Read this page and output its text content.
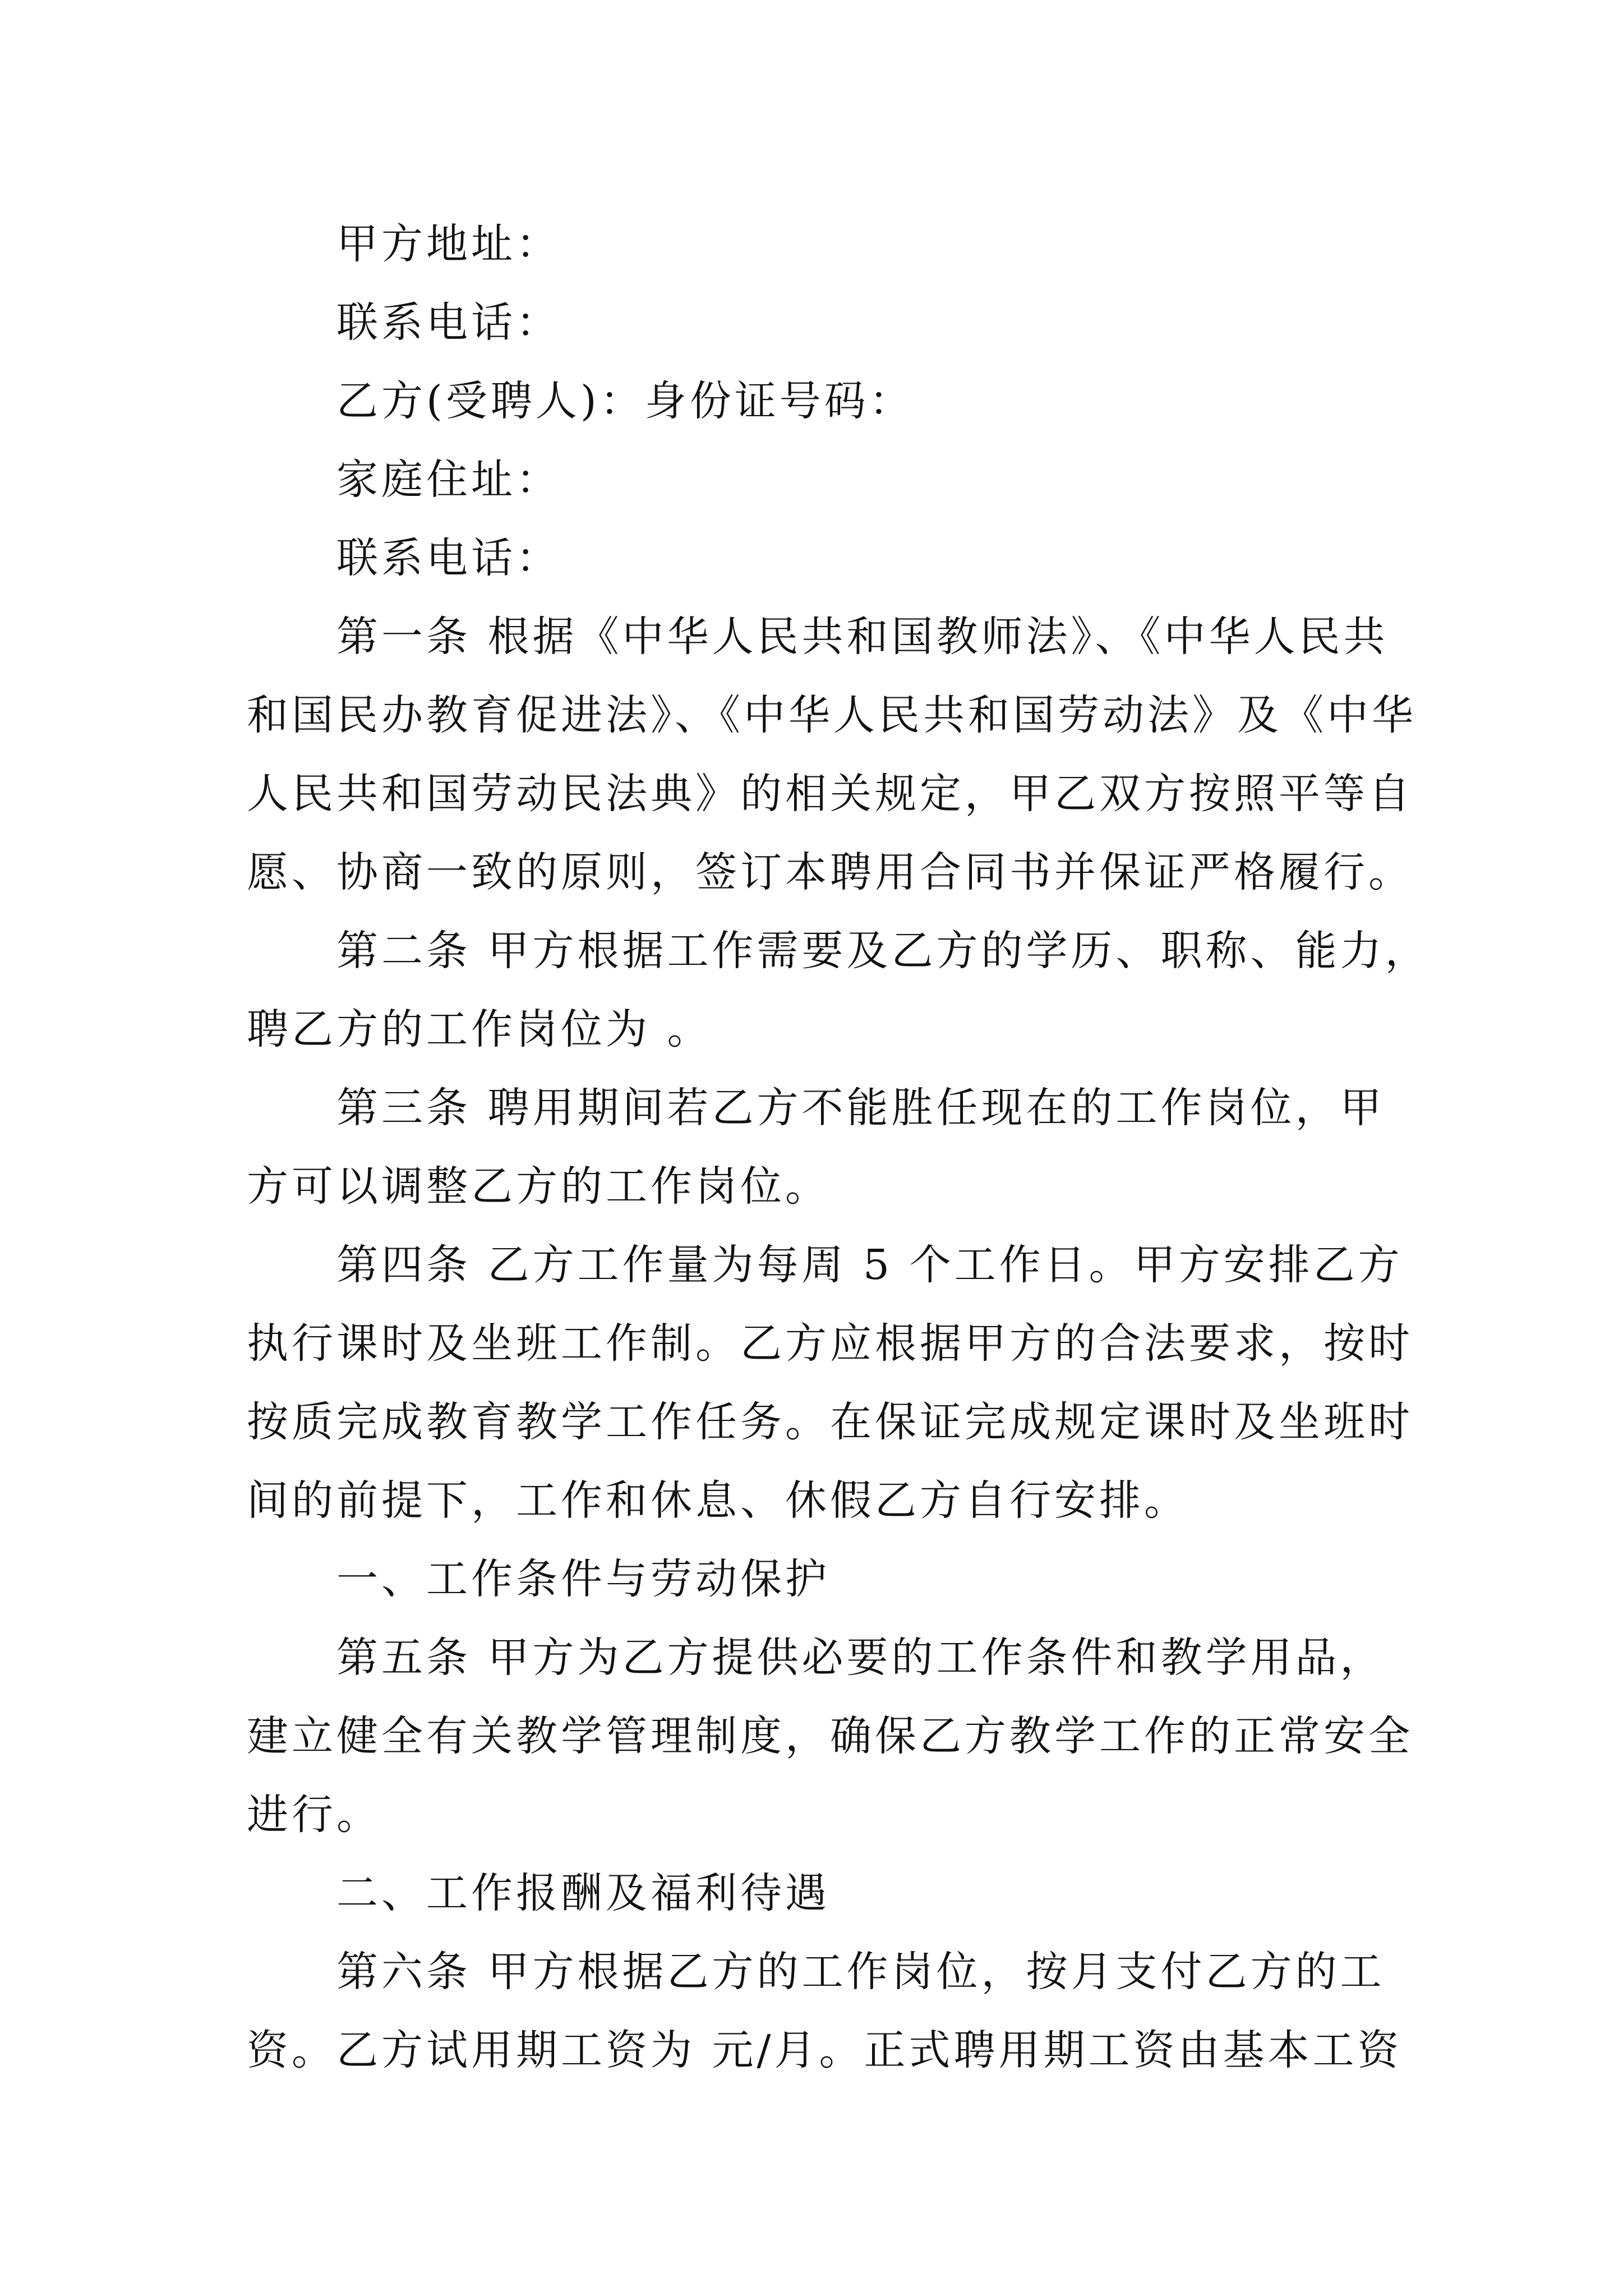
甲方地址：
联系电话：
乙方(受聘人)：身份证号码：
家庭住址：
联系电话：
第一条 根据《中华人民共和国教师法》、《中华人民共
和国民办教育促进法》、《中华人民共和国劳动法》及《中华
人民共和国劳动民法典》的相关规定，甲乙双方按照平等自
愿、协商一致的原则，签订本聘用合同书并保证严格履行。
第二条 甲方根据工作需要及乙方的学历、职称、能力，
聘乙方的工作岗位为 。
第三条 聘用期间若乙方不能胜任现在的工作岗位，甲
方可以调整乙方的工作岗位。
第四条 乙方工作量为每周 5 个工作日。甲方安排乙方
执行课时及坐班工作制。乙方应根据甲方的合法要求，按时
按质完成教育教学工作任务。在保证完成规定课时及坐班时
间的前提下，工作和休息、休假乙方自行安排。
一、工作条件与劳动保护
第五条 甲方为乙方提供必要的工作条件和教学用品，
建立健全有关教学管理制度，确保乙方教学工作的正常安全
进行。
二、工作报酬及福利待遇
第六条 甲方根据乙方的工作岗位，按月支付乙方的工
资。乙方试用期工资为 元/月。正式聘用期工资由基本工资
